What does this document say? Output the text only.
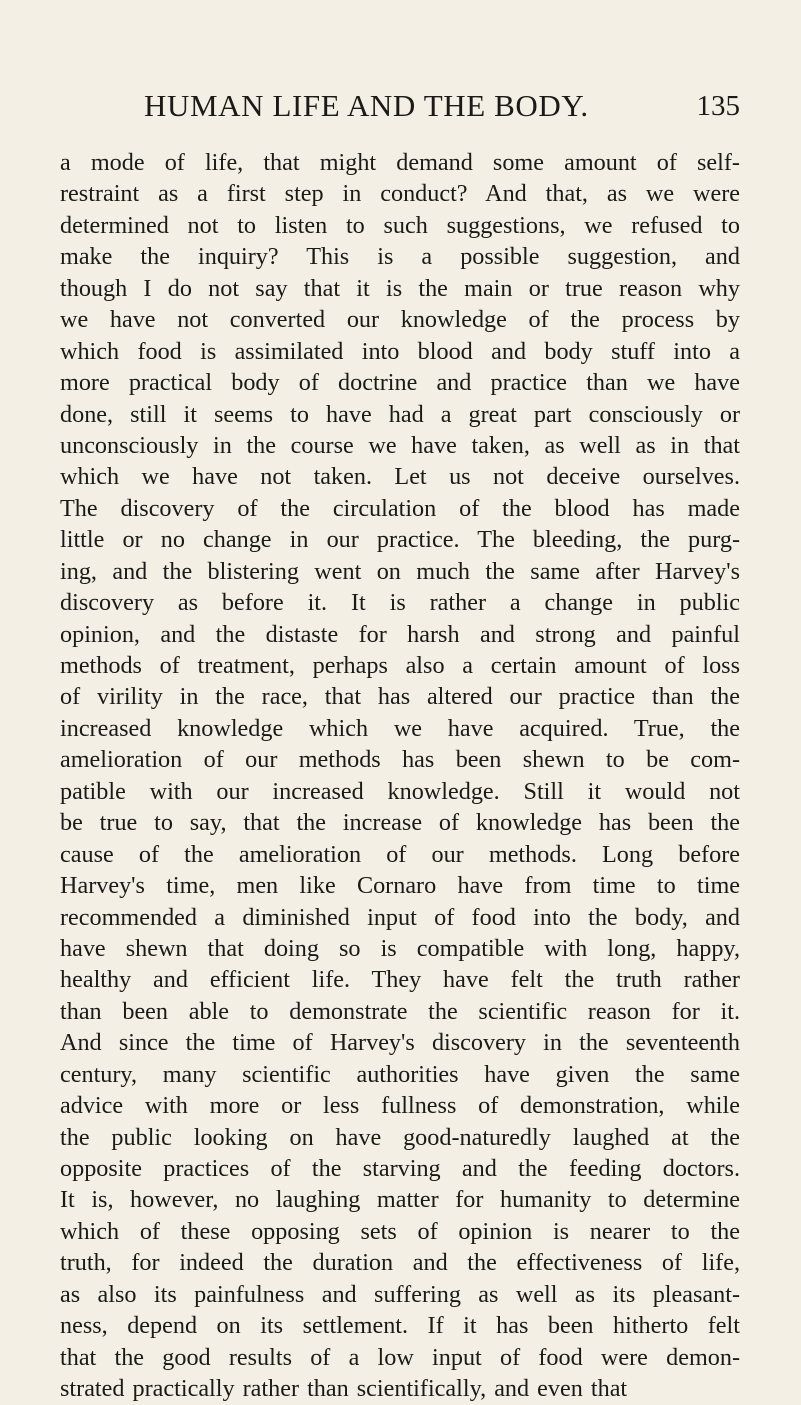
HUMAN LIFE AND THE BODY.	135
a mode of life, that might demand some amount of self-
restraint as a first step in conduct? And that, as we were
determined not to listen to such suggestions, we refused to
make the inquiry? This is a possible suggestion, and
though I do not say that it is the main or true reason why
we have not converted our knowledge of the process by
which food is assimilated into blood and body stuff into a
more practical body of doctrine and practice than we have
done, still it seems to have had a great part consciously or
unconsciously in the course we have taken, as well as in that
which we have not taken. Let us not deceive ourselves.
The discovery of the circulation of the blood has made
little or no change in our practice. The bleeding, the purg-
ing, and the blistering went on much the same after Harvey's
discovery as before it. It is rather a change in public
opinion, and the distaste for harsh and strong and painful
methods of treatment, perhaps also a certain amount of loss
of virility in the race, that has altered our practice than the
increased knowledge which we have acquired. True, the
amelioration of our methods has been shewn to be com-
patible with our increased knowledge. Still it would not
be true to say, that the increase of knowledge has been the
cause of the amelioration of our methods. Long before
Harvey's time, men like Cornaro have from time to time
recommended a diminished input of food into the body, and
have shewn that doing so is compatible with long, happy,
healthy and efficient life. They have felt the truth rather
than been able to demonstrate the scientific reason for it.
And since the time of Harvey's discovery in the seventeenth
century, many scientific authorities have given the same
advice with more or less fullness of demonstration, while
the public looking on have good-naturedly laughed at the
opposite practices of the starving and the feeding doctors.
It is, however, no laughing matter for humanity to determine
which of these opposing sets of opinion is nearer to the
truth, for indeed the duration and the effectiveness of life,
as also its painfulness and suffering as well as its pleasant-
ness, depend on its settlement. If it has been hitherto felt
that the good results of a low input of food were demon-
strated practically rather than scientifically, and even that
